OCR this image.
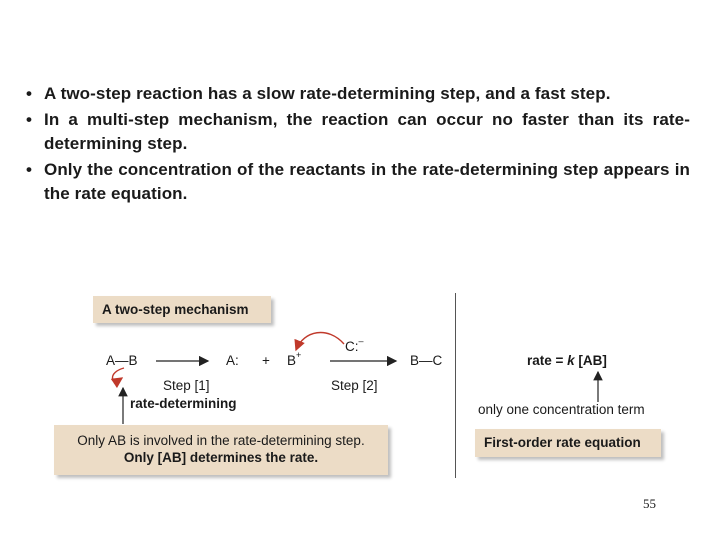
• A two-step reaction has a slow rate-determining step, and a fast step.
• In a multi-step mechanism, the reaction can occur no faster than its rate-determining step.
• Only the concentration of the reactants in the rate-determining step appears in the rate equation.
A two-step mechanism
A—B	A: + B+
C:–
B—C
Step [1]	Step [2]
rate-determining
Only AB is involved in the rate-determining step.
Only [AB] determines the rate.
rate = k [AB]
only one concentration term
First-order rate equation
55
